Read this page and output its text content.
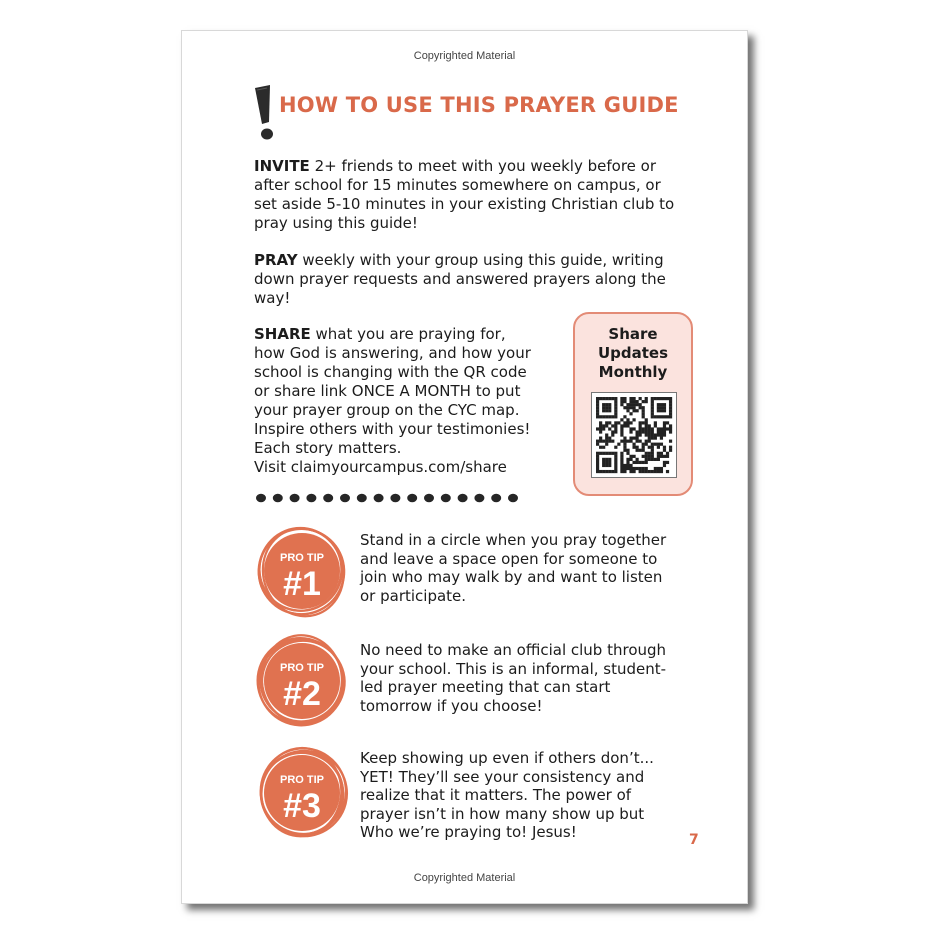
Copyrighted Material
HOW TO USE THIS PRAYER GUIDE
INVITE 2+ friends to meet with you weekly before or
after school for 15 minutes somewhere on campus, or
set aside 5-10 minutes in your existing Christian club to
pray using this guide!
PRAY weekly with your group using this guide, writing
down prayer requests and answered prayers along the
way!
SHARE what you are praying for,
how God is answering, and how your
school is changing with the QR code
or share link ONCE A MONTH to put
your prayer group on the CYC map.
Inspire others with your testimonies!
Each story matters.
Visit claimyourcampus.com/share
Share
Updates
Monthly
PRO TIP
#1
PRO TIP
#2
PRO TIP
#3
Stand in a circle when you pray together
and leave a space open for someone to
join who may walk by and want to listen
or participate.
No need to make an official club through
your school. This is an informal, student-
led prayer meeting that can start
tomorrow if you choose!
Keep showing up even if others don’t...
YET! They’ll see your consistency and
realize that it matters. The power of
prayer isn’t in how many show up but
Who we’re praying to! Jesus!	7
Copyrighted Material
